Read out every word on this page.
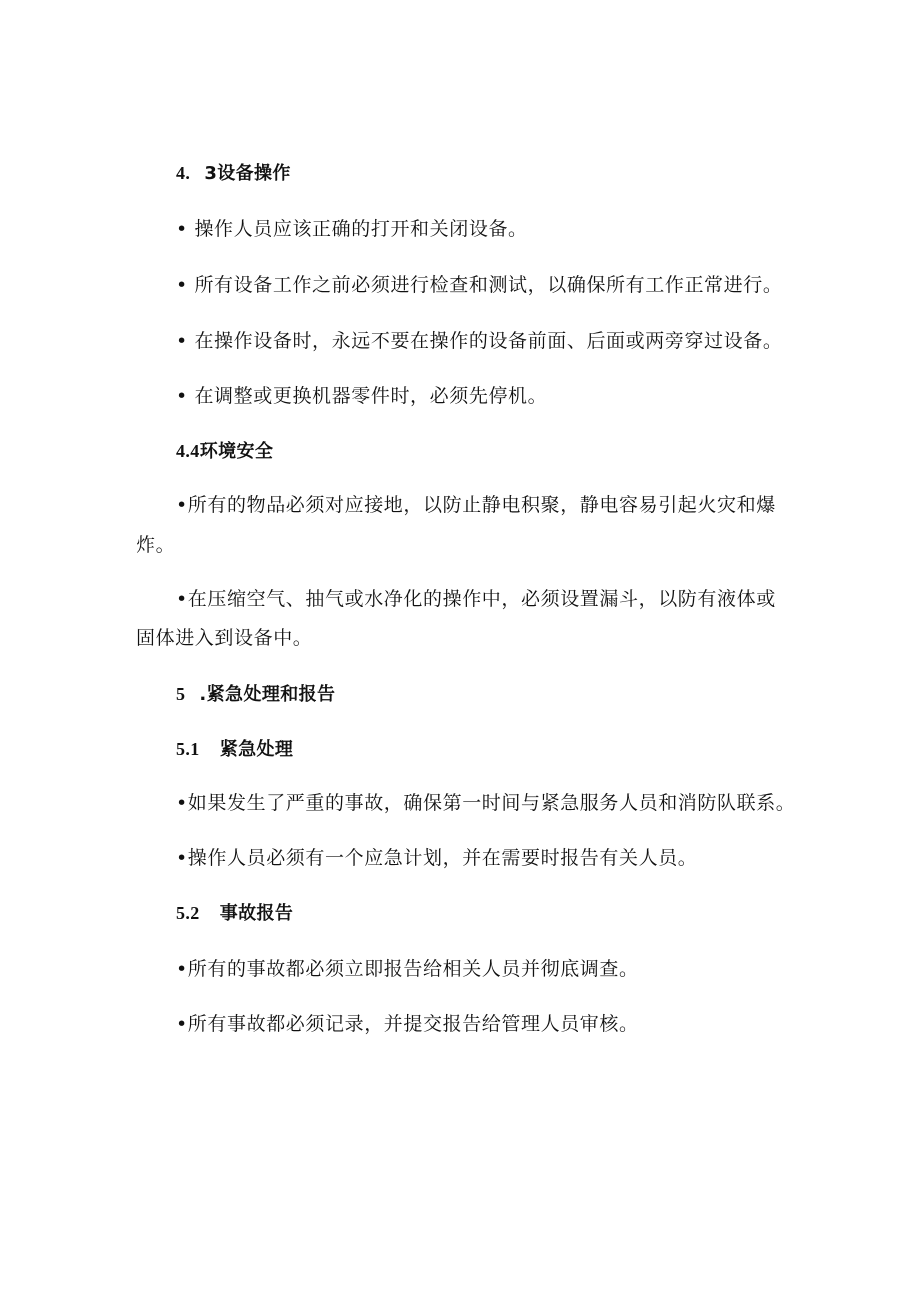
4. 3设备操作
• 操作人员应该正确的打开和关闭设备。
• 所有设备工作之前必须进行检查和测试，以确保所有工作正常进行。
• 在操作设备时，永远不要在操作的设备前面、后面或两旁穿过设备。
• 在调整或更换机器零件时，必须先停机。
4.4环境安全
•所有的物品必须对应接地，以防止静电积聚，静电容易引起火灾和爆
炸。
•在压缩空气、抽气或水净化的操作中，必须设置漏斗，以防有液体或
固体进入到设备中。
5 .紧急处理和报告
5.1 紧急处理
•如果发生了严重的事故，确保第一时间与紧急服务人员和消防队联系。
•操作人员必须有一个应急计划，并在需要时报告有关人员。
5.2 事故报告
•所有的事故都必须立即报告给相关人员并彻底调查。
•所有事故都必须记录，并提交报告给管理人员审核。
